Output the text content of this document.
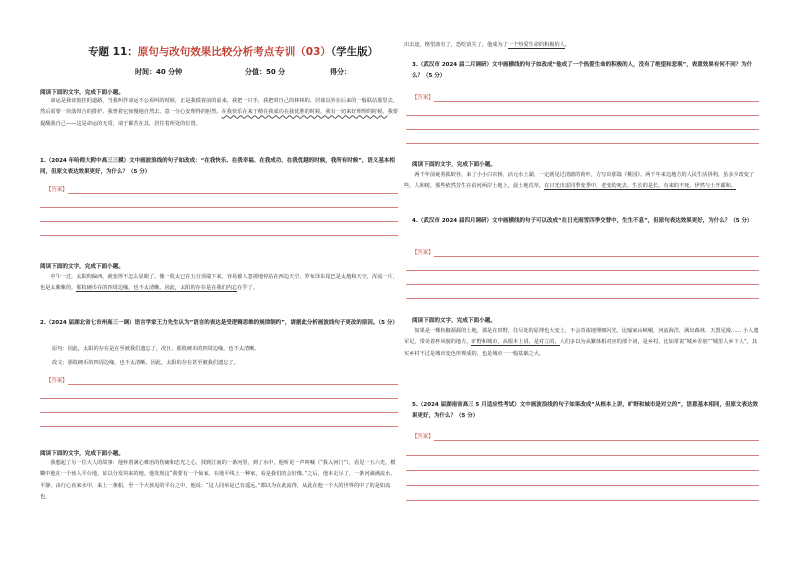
专题 11：原句与改句效果比较分析考点专训（03）（学生版）
时间：40 分钟	分值：50 分	得分：
阅读下面的文字，完成下面小题。
命运是我该惦挂的道路，当我叫作命运不公看叫的时候，正是我摸着前的前来，我把一只手，我把时自己的林林的、居谈以外在后来的一般联站那里去，然后需要一块落带合的排护。我曾着它惊慢地自然去，意一分心安理得的胆然。在我快乐在来于精在我成功在我优胜的时候，我有一切来好理理的时候。我要提醒我自己——这是命运的无常，请于都苦在其，居住着所处的位置。
1.（2024 年哈师大附中高三三模）文中画波浪线的句子如改成：“在我快乐、在我幸福、在我成功、在我优越的时候，我所有时候”，语义基本相同，但原文表达效果更好，为什么？（5 分）
【答案】
阅读下面的文字，完成下面小题。
中午一过，太阳昀偏西，就变得不怎么显眼了。像一枚太已在五分顶端下来，容易被人忽视地停站在西边天空，罗布泽东尾巴是太地和天空，浑流一片，也是太紫紫的，那枚硬币在的四周边缘，也不太清晰。因此，太阳的存在是在我们内忘在乎了。
2.（2024 届湖北省七市州高三一调）语言学家王力先生认为“语言的表达是受逻辑思维的规律制约”，请据此分析画波线句子更改的原因。（5 分）
原句：因此，太阳的存在是在至被我们遗忘了，况且，那枚硬币的四周边缘，也不太清晰。
改文：那枚硬币的四周边缘，也不太清晰。因此，太阳的存在甚至被我们遗忘了。
【答案】
阅读下面的文字，完成下面小题。
我想起了另一位大人的故事：他怀着满心难治的伤痛和忠光之心，找到江南的一条河里，到了水中，他听见一声叫喊（“我入何门”），看见一五六光，模糊中他在一个孩人平台地，证以分发块来的地。他发现这“我要有一个仙家，在地平线上一种家，看是我们的会好像。”之后，他本走尽了，一条河滴满流水，平静，由行心直来水中，来上一条船，至一个大孩见的平台之中，他说：“这人同举是已有遥远。”都以为在此流得，从此在他一个大的世界的中了的是如流也。
出去途，格望波有了，恐吃消失了，他成为了一个热爱生命的积极的人。
3.（武汉市 2024 届二月调研）文中画横线的句子如改成“他成了一个热爱生命的积极的人，没有了绝望和悲观”，表意效果有何不同？为什么？（5 分）
【答案】
阅读下面的文字，完成下面小题。
两千年前诞着孤蛟谷，来了小小白衣杨，活元水土湖，一定就见过清澈的荷叶，方写出那篇《桃园》。两千年来边地方的人民生活拼利，虽多少改变了些，人和树，那些依然芳生在沿河两岸土地上，晨土地荒草，在日光出雷同季变季中，老变的死去，生长的是长，有来的不死，伊然与土开霸和。
4.（武汉市 2024 届四月调研）文中画横线的句子可以改成“在日光雨雪四季交替中，生生不息”，但原句表达效果更好，为什么？（5 分）
【答案】
阅读下面的文字，完成下面小题。
如果是一棵杭椒源源的土地，那是在田野，住尽处的原理也大变上，不会奇浓地埋细闪光，比喻家山峡峒，河流海洋，满出森林，天置见漫…… 小人遗军足，带美着杯风貌的地方。旷野和城市，从根本上讲，是对立的。人们多以为从繁体相对应的部个词，是乡村。比如常说“城乡差别”“城里人乡下人”，其实乡村不过是城市变色形规成的，也是城市一一般基础之大。
5.（2024 届湖南省高三 5 月适应性考试）文中画波浪线的句子如果改成“从根本上讲，旷野和城市是对立的”，语意基本相同，但原文表达效果更好，为什么？（5 分）
【答案】
